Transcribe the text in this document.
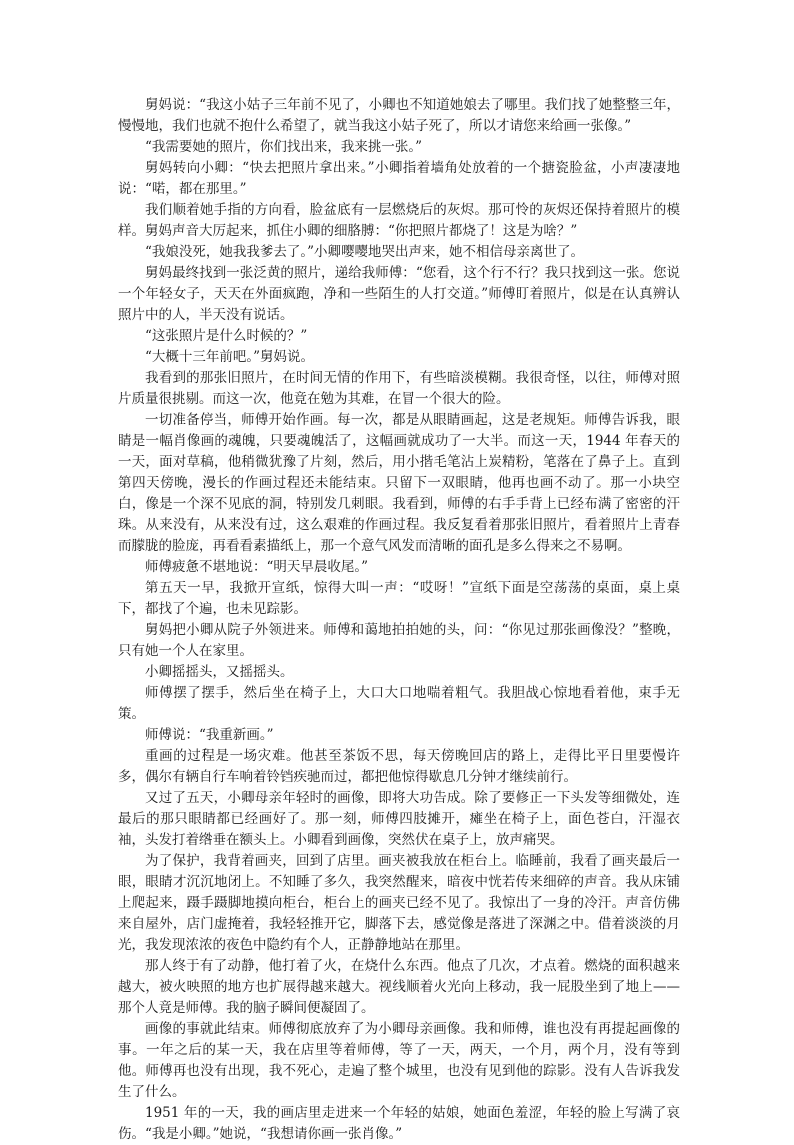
舅妈说：“我这小姑子三年前不见了，小卿也不知道她娘去了哪里。我们找了她整整三年，慢慢地，我们也就不抱什么希望了，就当我这小姑子死了，所以才请您来给画一张像。”

“我需要她的照片，你们找出来，我来挑一张。”

舅妈转向小卿：“快去把照片拿出来。”小卿指着墙角处放着的一个搪瓷脸盆，小声凄凄地说：“喏，都在那里。”

我们顺着她手指的方向看，脸盆底有一层燃烧后的灰烬。那可怜的灰烬还保持着照片的模样。舅妈声音大厉起来，抓住小卿的细胳膊：“你把照片都烧了！这是为啥？”

“我娘没死，她我我爹去了。”小卿嘤嘤地哭出声来，她不相信母亲离世了。

舅妈最终找到一张泛黄的照片，递给我师傅：“您看，这个行不行？我只找到这一张。您说一个年轻女子，天天在外面疯跑，净和一些陌生的人打交道。”师傅盯着照片，似是在认真辨认照片中的人，半天没有说话。

“这张照片是什么时候的？”

“大概十三年前吧。”舅妈说。

我看到的那张旧照片，在时间无情的作用下，有些暗淡模糊。我很奇怪，以往，师傅对照片质量很挑剔。而这一次，他竟在勉为其难，在冒一个很大的险。

一切准备停当，师傅开始作画。每一次，都是从眼睛画起，这是老规矩。师傅告诉我，眼睛是一幅肖像画的魂魄，只要魂魄活了，这幅画就成功了一大半。而这一天，1944 年春天的一天，面对草稿，他稍微犹豫了片刻，然后，用小揩毛笔沾上炭精粉，笔落在了鼻子上。直到第四天傍晚，漫长的作画过程还未能结束。只留下一双眼睛，他再也画不动了。那一小块空白，像是一个深不见底的洞，特别发几刺眼。我看到，师傅的右手手背上已经布满了密密的汗珠。从来没有，从来没有过，这么艰难的作画过程。我反复看着那张旧照片，看着照片上青春而朦胧的脸庞，再看看素描纸上，那一个意气风发而清晰的面孔是多么得来之不易啊。

师傅疲惫不堪地说：“明天早晨收尾。”

第五天一早，我掀开宣纸，惊得大叫一声：“哎呀！”宣纸下面是空荡荡的桌面，桌上桌下，都找了个遍，也未见踪影。

舅妈把小卿从院子外领进来。师傅和蔼地拍拍她的头，问：“你见过那张画像没？”整晚，只有她一个人在家里。

小卿摇摇头，又摇摇头。

师傅摆了摆手，然后坐在椅子上，大口大口地喘着粗气。我胆战心惊地看着他，束手无策。

师傅说：“我重新画。”

重画的过程是一场灾难。他甚至茶饭不思，每天傍晚回店的路上，走得比平日里要慢许多，偶尔有辆自行车响着铃铛疾驰而过，都把他惊得歇息几分钟才继续前行。

又过了五天，小卿母亲年轻时的画像，即将大功告成。除了要修正一下头发等细微处，连最后的那只眼睛都已经画好了。那一刻，师傅四肢摊开，瘫坐在椅子上，面色苍白，汗湿衣袖，头发打着绺垂在额头上。小卿看到画像，突然伏在桌子上，放声痛哭。

为了保护，我背着画夹，回到了店里。画夹被我放在柜台上。临睡前，我看了画夹最后一眼，眼睛才沉沉地闭上。不知睡了多久，我突然醒来，暗夜中恍若传来细碎的声音。我从床铺上爬起来，蹑手蹑脚地摸向柜台，柜台上的画夹已经不见了。我惊出了一身的冷汗。声音仿佛来自屋外，店门虚掩着，我轻轻推开它，脚落下去，感觉像是落进了深渊之中。借着淡淡的月光，我发现浓浓的夜色中隐约有个人，正静静地站在那里。

那人终于有了动静，他打着了火，在烧什么东西。他点了几次，才点着。燃烧的面积越来越大，被火映照的地方也扩展得越来越大。视线顺着火光向上移动，我一屁股坐到了地上——那个人竟是师傅。我的脑子瞬间便凝固了。

画像的事就此结束。师傅彻底放弃了为小卿母亲画像。我和师傅，谁也没有再提起画像的事。一年之后的某一天，我在店里等着师傅，等了一天，两天，一个月，两个月，没有等到他。师傅再也没有出现，我不死心，走遍了整个城里，也没有见到他的踪影。没有人告诉我发生了什么。

1951 年的一天，我的画店里走进来一个年轻的姑娘，她面色羞涩，年轻的脸上写满了哀伤。“我是小卿。”她说，“我想请你画一张肖像。”
